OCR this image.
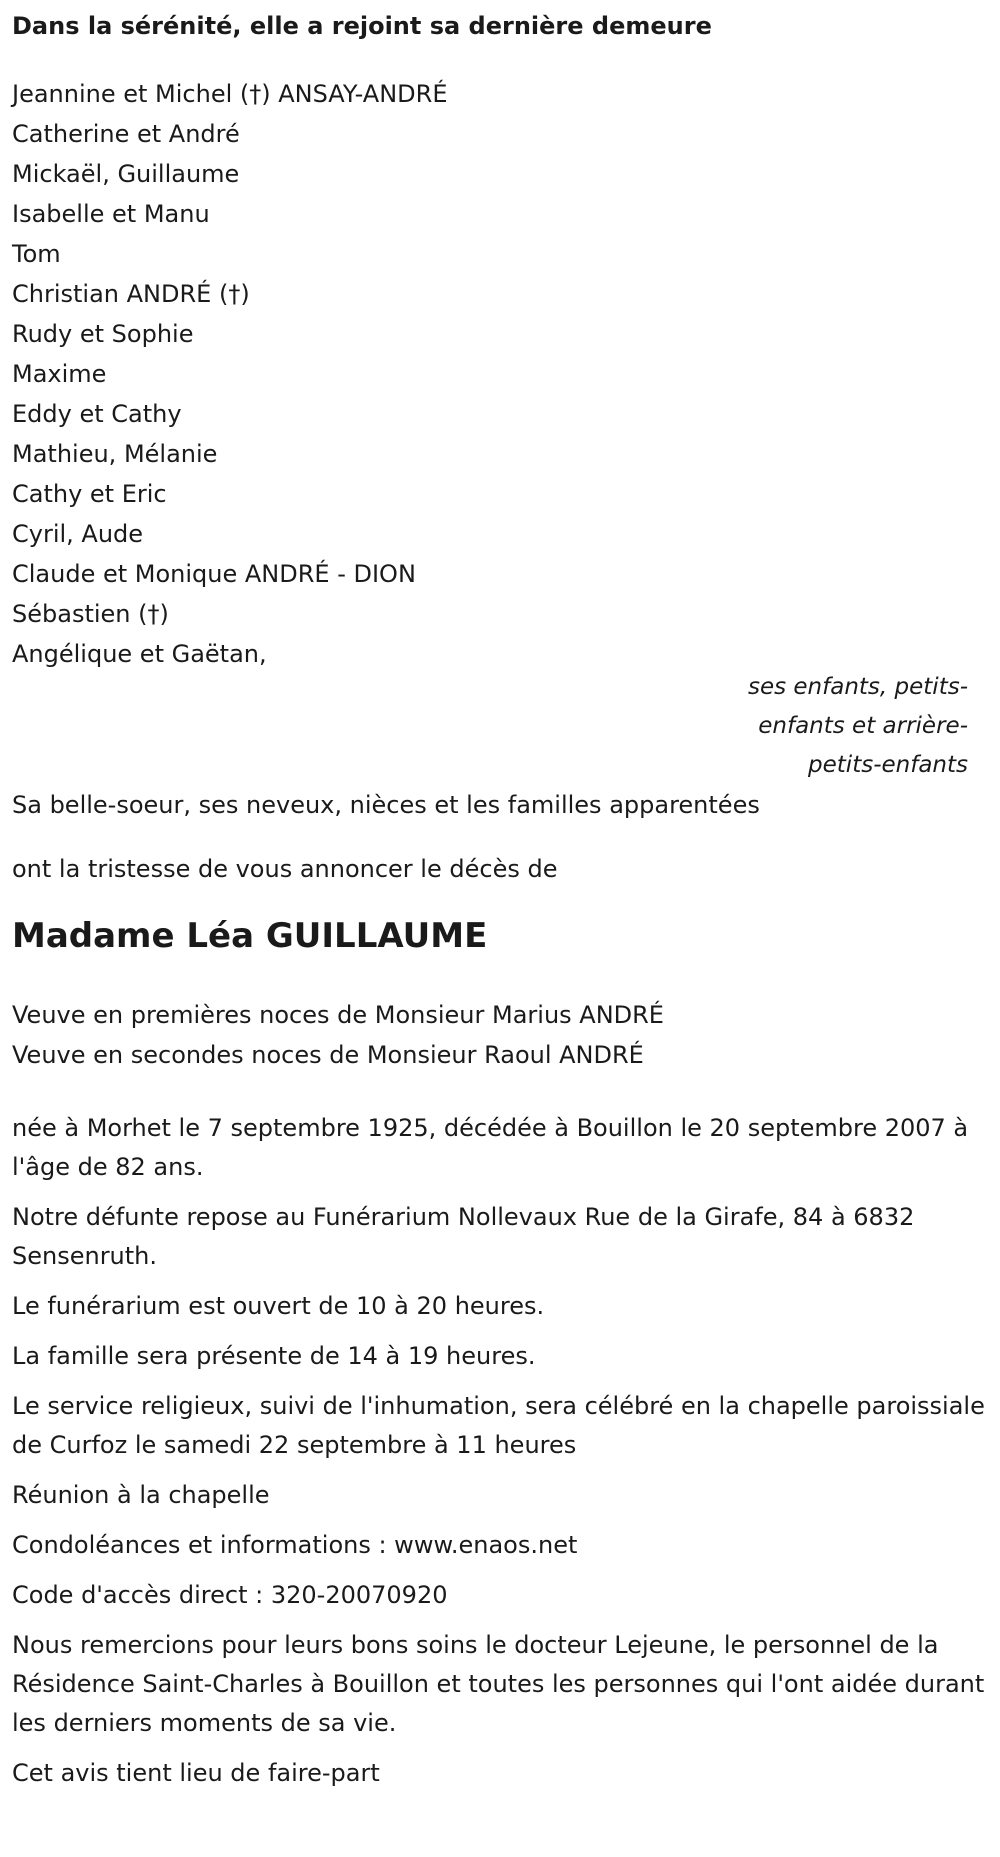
Dans la sérénité, elle a rejoint sa dernière demeure
Jeannine et Michel (†) ANSAY-ANDRÉ
Catherine et André
Mickaël, Guillaume
Isabelle et Manu
Tom
Christian ANDRÉ (†)
Rudy et Sophie
Maxime
Eddy et Cathy
Mathieu, Mélanie
Cathy et Eric
Cyril, Aude
Claude et Monique ANDRÉ - DION
Sébastien (†)
Angélique et Gaëtan,
ses enfants, petits-enfants et arrière-petits-enfants
Sa belle-soeur, ses neveux, nièces et les familles apparentées
ont la tristesse de vous annoncer le décès de
Madame Léa GUILLAUME
Veuve en premières noces de Monsieur Marius ANDRÉ
Veuve en secondes noces de Monsieur Raoul ANDRÉ
née à Morhet le 7 septembre 1925, décédée à Bouillon le 20 septembre 2007 à l'âge de 82 ans.
Notre défunte repose au Funérarium Nollevaux Rue de la Girafe, 84 à 6832 Sensenruth.
Le funérarium est ouvert de 10 à 20 heures.
La famille sera présente de 14 à 19 heures.
Le service religieux, suivi de l'inhumation, sera célébré en la chapelle paroissiale de Curfoz le samedi 22 septembre à 11 heures
Réunion à la chapelle
Condoléances et informations : www.enaos.net
Code d'accès direct : 320-20070920
Nous remercions pour leurs bons soins le docteur Lejeune, le personnel de la Résidence Saint-Charles à Bouillon et toutes les personnes qui l'ont aidée durant les derniers moments de sa vie.
Cet avis tient lieu de faire-part
